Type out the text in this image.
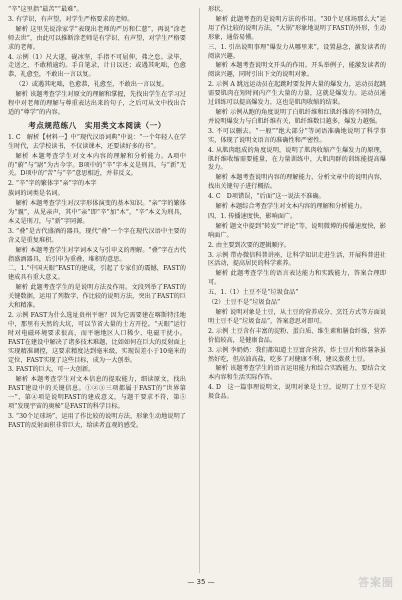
“辛”这里指“最苦”“最难”。

3. 有学识，有声望，对学生严格要求的老师。

解析 这里先说涂家学“表现出老师的严厉和仁慈”，再说“涂老师去世”，由此可以推断涂老师是有学识、有声望，对学生严格要求的老师。

4. 示例（1）尺大遂，砚冰坚，手指不可屈伸，弗之怠。录毕，走送之，不敢稍逾约。手自笔录，计日以还；或遇其叱咄，色愈恭，礼愈至，不敢出一言以复。

（2）或遇其叱咄，色愈恭，礼愈至，不敢出一言以复。

解析 该题考查学生对原文的理解和掌握，先找出学生在学习过程中对老师的理解与尊重表达出来的句子，之后可从文中找出合适的“尊学”的内容。

考点规范练八　实用类文本阅读（一）

1. C　解析【材料一】中“现代汉语词典”中说：“一个年轻人在学生时代，去学校读书，不仅读课本，还要读好多的书”。

解析 本题考查学生对文本内容的理解和分析能力。A项中的“蔚”与“尉”为古今字。B项中的“辛”字本义是刑具，与“新”无关。D项中的“苦”与“辛”意思相近，并非反义。

2. “辛”字的繁体字“亲”字的本字

族词的词类是名词。

解析 本题考查学生对汉字形体演变的基本知识。“亲”字的繁体为“親”，从见亲声，其中“亲”即“辛”加“木”，“辛”本义为刑具，本义是刑刀，与“新”字同源。

3. “叠”是古代盛酒的器具，现代“叠”一个字在现代汉语中主要的含义是重复堆积。

解析 本题考查学生对字词本义与引申义的理解。“叠”字在古代指盛酒器具，后引申为重叠、堆积的意思。

二、1.“中国天眼”FAST的建成，引起了专家们的震撼，FAST的建成具有重大意义。

解析 此题考查学生的是说明方法及作用。文段列举了FAST的关键数据，运用了列数字、作比较的说明方法，突出了FAST的巨大和精准。

2. 示例 FAST为什么选址贵州平塘？因为它需要建在喀斯特洼地中，那里有天然的大坑，可以节省大量的土方开挖。“天眼”运行时对电磁环境要求很高，而平塘地区人口稀少、电磁干扰小。FAST在建设中解决了诸多技术难题，比如如何在巨大的反射面上实现精准调控，这要求精度达到毫米级，实现误差小于10毫米的定位，FAST实现了这些目标，成为一大创举。

3. FAST的巨大，可一大创新。

解析 本题考查学生对文本信息的提取能力，细读原文，找出FAST建设中的关键信息。①②③三项都属于FAST的“世界第一”，第④项是说明FAST的建成意义，与题干要求不符，第⑤项“发现宇宙的奥秘”是FAST的科学目标。

3. “30个足球场”，运用了作比较的说明方法，形象生动地说明了FAST的反射面积非常巨大，给读者直观的感受。

形状。

解析 此题考查的是说明方法的作用。“30个足球场那么大”运用了作比较的说明方法，“大锅”形象地说明了FAST的外形，生动形象，通俗易懂。

三、1. 引出说明事理“爆发力从哪里来”，设置悬念，激发读者的阅读兴趣。

解析 本题考查说明文开头的作用。开头举例子，能激发读者的阅读兴趣，同时引出下文的说明对象。

2. 示例 A 跳远运动员在起跳时要发挥大量的爆发力，运动员起跳需要肌肉在短时间内产生大量的力量，这就是爆发力。运动员通过训练可以提高爆发力，这也是肌肉收缩的结果。

解析 示例从跑的角度说明了白肌纤维和红肌纤维的不同特点，并说明爆发力与白肌纤维有关，肌纤维数目越多，爆发力越强。

3. 不可以删去。“一般”“绝大部分”等词语准确地说明了科学事实，体现了说明文语言的准确性和严密性。

4. 从肌肉组成的角度说明，说明了肌肉收缩产生爆发力的原理，肌纤维收缩需要能量，在力量训练中，大肌肉群的训练能提高爆发力。

解析 本题考查说明内容的理解能力，分析文章中的说明内容，找出关键句子进行概括。

4. C　D项错误，“后面”这一说法不准确。

解析 本题综合考查学生对文本内容的理解和分析能力。

四、1. 传播速度快，影响面广。

解析 题文中提到“转发”“评论”等，说明微博的传播速度快，影响面广。

2. 由主要到次要的逻辑顺序。

3. 示例 带办微信科普讲座，让科学知识走进生活，开展科普进社区活动，提高居民的科学素养。

解析 此题考查学生的语言表达能力和实践能力，答案合理即可。

五、1.（1）土豆不是“垃圾食品”

（2）土豆不是“垃圾食品”

解析 说明对象是土豆，从土豆的营养成分、烹饪方式等方面说明土豆不是“垃圾食品”，答案意思对即可。

2. 示例 土豆含有丰富的淀粉、蛋白质、维生素和膳食纤维，营养价值较高，是健康食品。

3. 示例 李奶奶：我们都知道土豆富含营养，炸土豆片和炸薯条虽然好吃，但高油高盐，吃多了对健康不利，建议蒸煮土豆。

解析 该题考查学生的语言运用能力和综合实践能力，要结合文本内容和生活实际作答。

4. D　这一篇事理说明文，说明对象是土豆，说明了土豆不是垃圾食品。

— 35 —	答案圈
